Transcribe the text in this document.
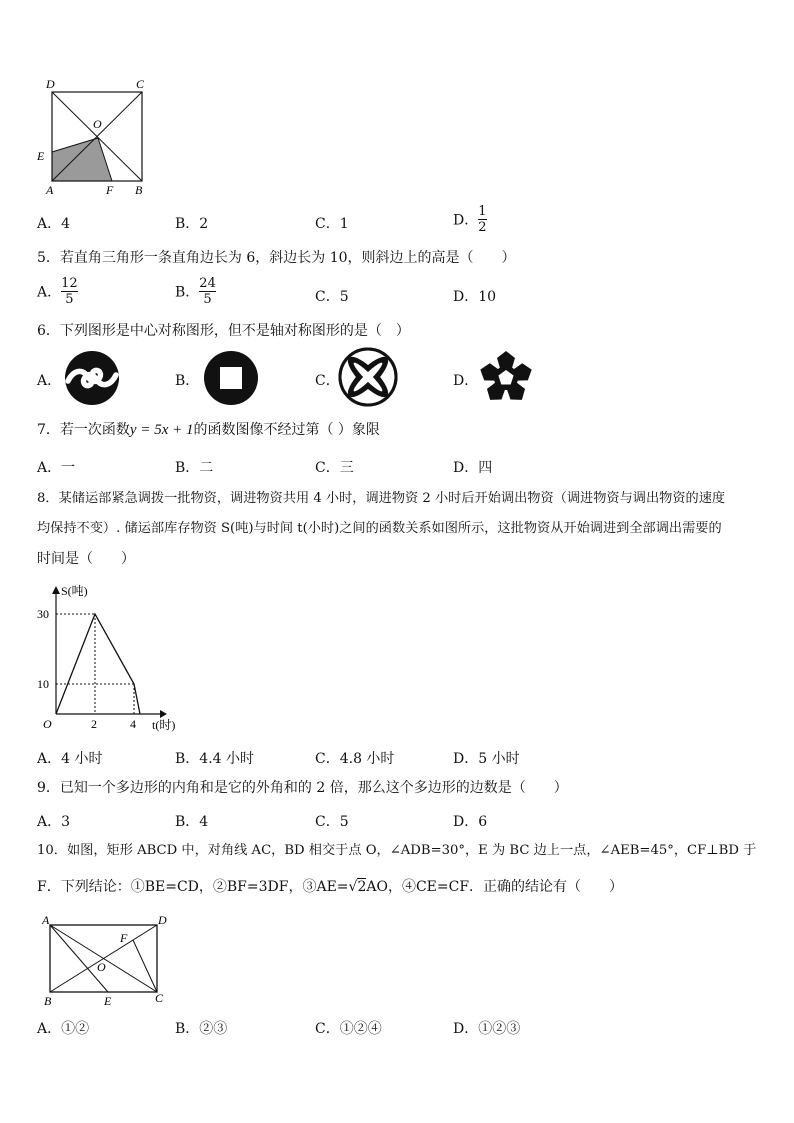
D	C
O
E
A	F B
A．4	B．2	C．1	D． $\frac{1}{2}$
5．若直角三角形一条直角边长为 6，斜边长为 10，则斜边上的高是（　　）
A． $\frac{12}{5}$	B． $\frac{24}{5}$	C．5	D．10
6．下列图形是中心对称图形，但不是轴对称图形的是（　）
A．	B．	C．	D．
7．若一次函数y = 5x + 1的函数图像不经过第（ ）象限
A．一	B．二	C．三	D．四
8．某储运部紧急调拨一批物资，调进物资共用 4 小时，调进物资 2 小时后开始调出物资（调进物资与调出物资的速度
均保持不变）. 储运部库存物资 S(吨)与时间 t(小时)之间的函数关系如图所示，这批物资从开始调进到全部调出需要的
时间是（　　）
S(吨)
30
10
O	2	4 t(时)
A．4 小时	B．4.4 小时	C．4.8 小时	D．5 小时
9．已知一个多边形的内角和是它的外角和的 2 倍，那么这个多边形的边数是（　　）
A．3	B．4	C．5	D．6
10．如图，矩形 ABCD 中，对角线 AC，BD 相交于点 O，∠ADB=30°，E 为 BC 边上一点，∠AEB=45°，CF⊥BD 于
F．下列结论：①BE=CD，②BF=3DF，③AE=√2AO，④CE=CF．正确的结论有（　　）
A	D
F
O
B	E	C
A．①②	B．②③	C．①②④	D．①②③
